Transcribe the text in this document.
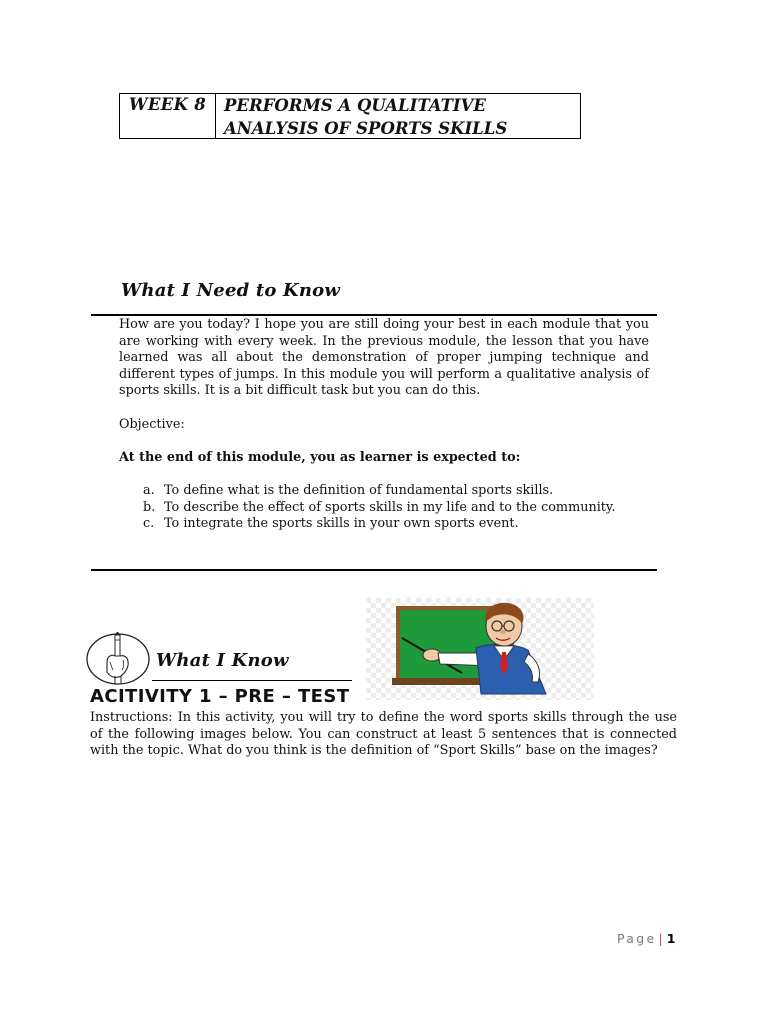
WEEK 8	PERFORMS A QUALITATIVE
ANALYSIS OF SPORTS SKILLS
What I Need to Know
How are you today? I hope you are still doing your best in each module that you are working with every week. In the previous module, the lesson that you have learned was all about the demonstration of proper jumping technique and different types of jumps. In this module you will perform a qualitative analysis of sports skills. It is a bit difficult task but you can do this.
Objective:
At the end of this module, you as learner is expected to:
a. To define what is the definition of fundamental sports skills.
b. To describe the effect of sports skills in my life and to the community.
c. To integrate the sports skills in your own sports event.
What I Know
ACITIVITY 1 – PRE – TEST
Instructions: In this activity, you will try to define the word sports skills through the use of the following images below. You can construct at least 5 sentences that is connected with the topic. What do you think is the definition of “Sport Skills” base on the images?
Page | 1
